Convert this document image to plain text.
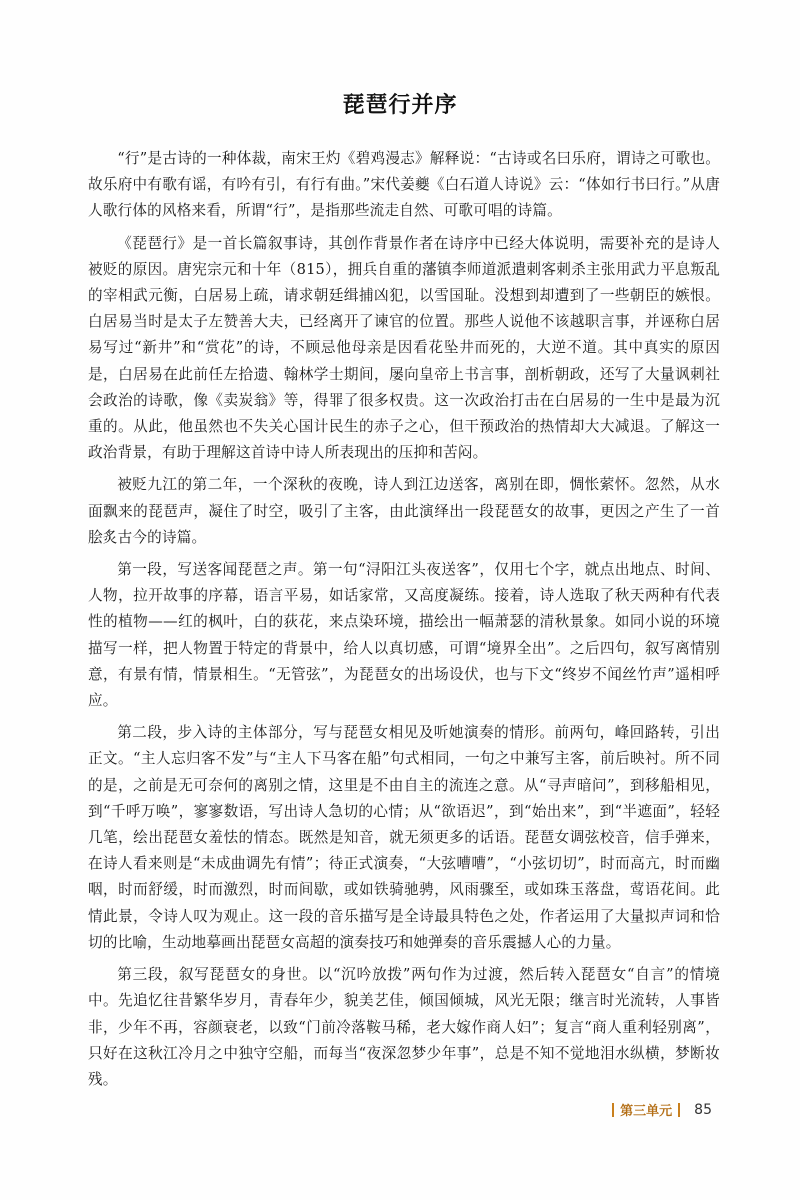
琵琶行并序

“行”是古诗的一种体裁，南宋王灼《碧鸡漫志》解释说：“古诗或名曰乐府，谓诗之可歌也。故乐府中有歌有谣，有吟有引，有行有曲。”宋代姜夔《白石道人诗说》云：“体如行书曰行。”从唐人歌行体的风格来看，所谓“行”，是指那些流走自然、可歌可唱的诗篇。

《琵琶行》是一首长篇叙事诗，其创作背景作者在诗序中已经大体说明，需要补充的是诗人被贬的原因。唐宪宗元和十年（815），拥兵自重的藩镇李师道派遣刺客刺杀主张用武力平息叛乱的宰相武元衡，白居易上疏，请求朝廷缉捕凶犯，以雪国耻。没想到却遭到了一些朝臣的嫉恨。白居易当时是太子左赞善大夫，已经离开了谏官的位置。那些人说他不该越职言事，并诬称白居易写过“新井”和“赏花”的诗，不顾忌他母亲是因看花坠井而死的，大逆不道。其中真实的原因是，白居易在此前任左拾遗、翰林学士期间，屡向皇帝上书言事，剖析朝政，还写了大量讽刺社会政治的诗歌，像《卖炭翁》等，得罪了很多权贵。这一次政治打击在白居易的一生中是最为沉重的。从此，他虽然也不失关心国计民生的赤子之心，但干预政治的热情却大大减退。了解这一政治背景，有助于理解这首诗中诗人所表现出的压抑和苦闷。

被贬九江的第二年，一个深秋的夜晚，诗人到江边送客，离别在即，惆怅萦怀。忽然，从水面飘来的琵琶声，凝住了时空，吸引了主客，由此演绎出一段琵琶女的故事，更因之产生了一首脍炙古今的诗篇。

第一段，写送客闻琵琶之声。第一句“浔阳江头夜送客”，仅用七个字，就点出地点、时间、人物，拉开故事的序幕，语言平易，如话家常，又高度凝练。接着，诗人选取了秋天两种有代表性的植物——红的枫叶，白的荻花，来点染环境，描绘出一幅萧瑟的清秋景象。如同小说的环境描写一样，把人物置于特定的背景中，给人以真切感，可谓“境界全出”。之后四句，叙写离情别意，有景有情，情景相生。“无管弦”，为琵琶女的出场设伏，也与下文“终岁不闻丝竹声”遥相呼应。

第二段，步入诗的主体部分，写与琵琶女相见及听她演奏的情形。前两句，峰回路转，引出正文。“主人忘归客不发”与“主人下马客在船”句式相同，一句之中兼写主客，前后映衬。所不同的是，之前是无可奈何的离别之情，这里是不由自主的流连之意。从“寻声暗问”，到移船相见，到“千呼万唤”，寥寥数语，写出诗人急切的心情；从“欲语迟”，到“始出来”，到“半遮面”，轻轻几笔，绘出琵琶女羞怯的情态。既然是知音，就无须更多的话语。琵琶女调弦校音，信手弹来，在诗人看来则是“未成曲调先有情”；待正式演奏，“大弦嘈嘈”，“小弦切切”，时而高亢，时而幽咽，时而舒缓，时而激烈，时而间歇，或如铁骑驰骋，风雨骤至，或如珠玉落盘，莺语花间。此情此景，令诗人叹为观止。这一段的音乐描写是全诗最具特色之处，作者运用了大量拟声词和恰切的比喻，生动地摹画出琵琶女高超的演奏技巧和她弹奏的音乐震撼人心的力量。

第三段，叙写琵琶女的身世。以“沉吟放拨”两句作为过渡，然后转入琵琶女“自言”的情境中。先追忆往昔繁华岁月，青春年少，貌美艺佳，倾国倾城，风光无限；继言时光流转，人事皆非，少年不再，容颜衰老，以致“门前冷落鞍马稀，老大嫁作商人妇”；复言“商人重利轻别离”，只好在这秋江冷月之中独守空船，而每当“夜深忽梦少年事”，总是不知不觉地泪水纵横，梦断妆残。

第三单元 85
